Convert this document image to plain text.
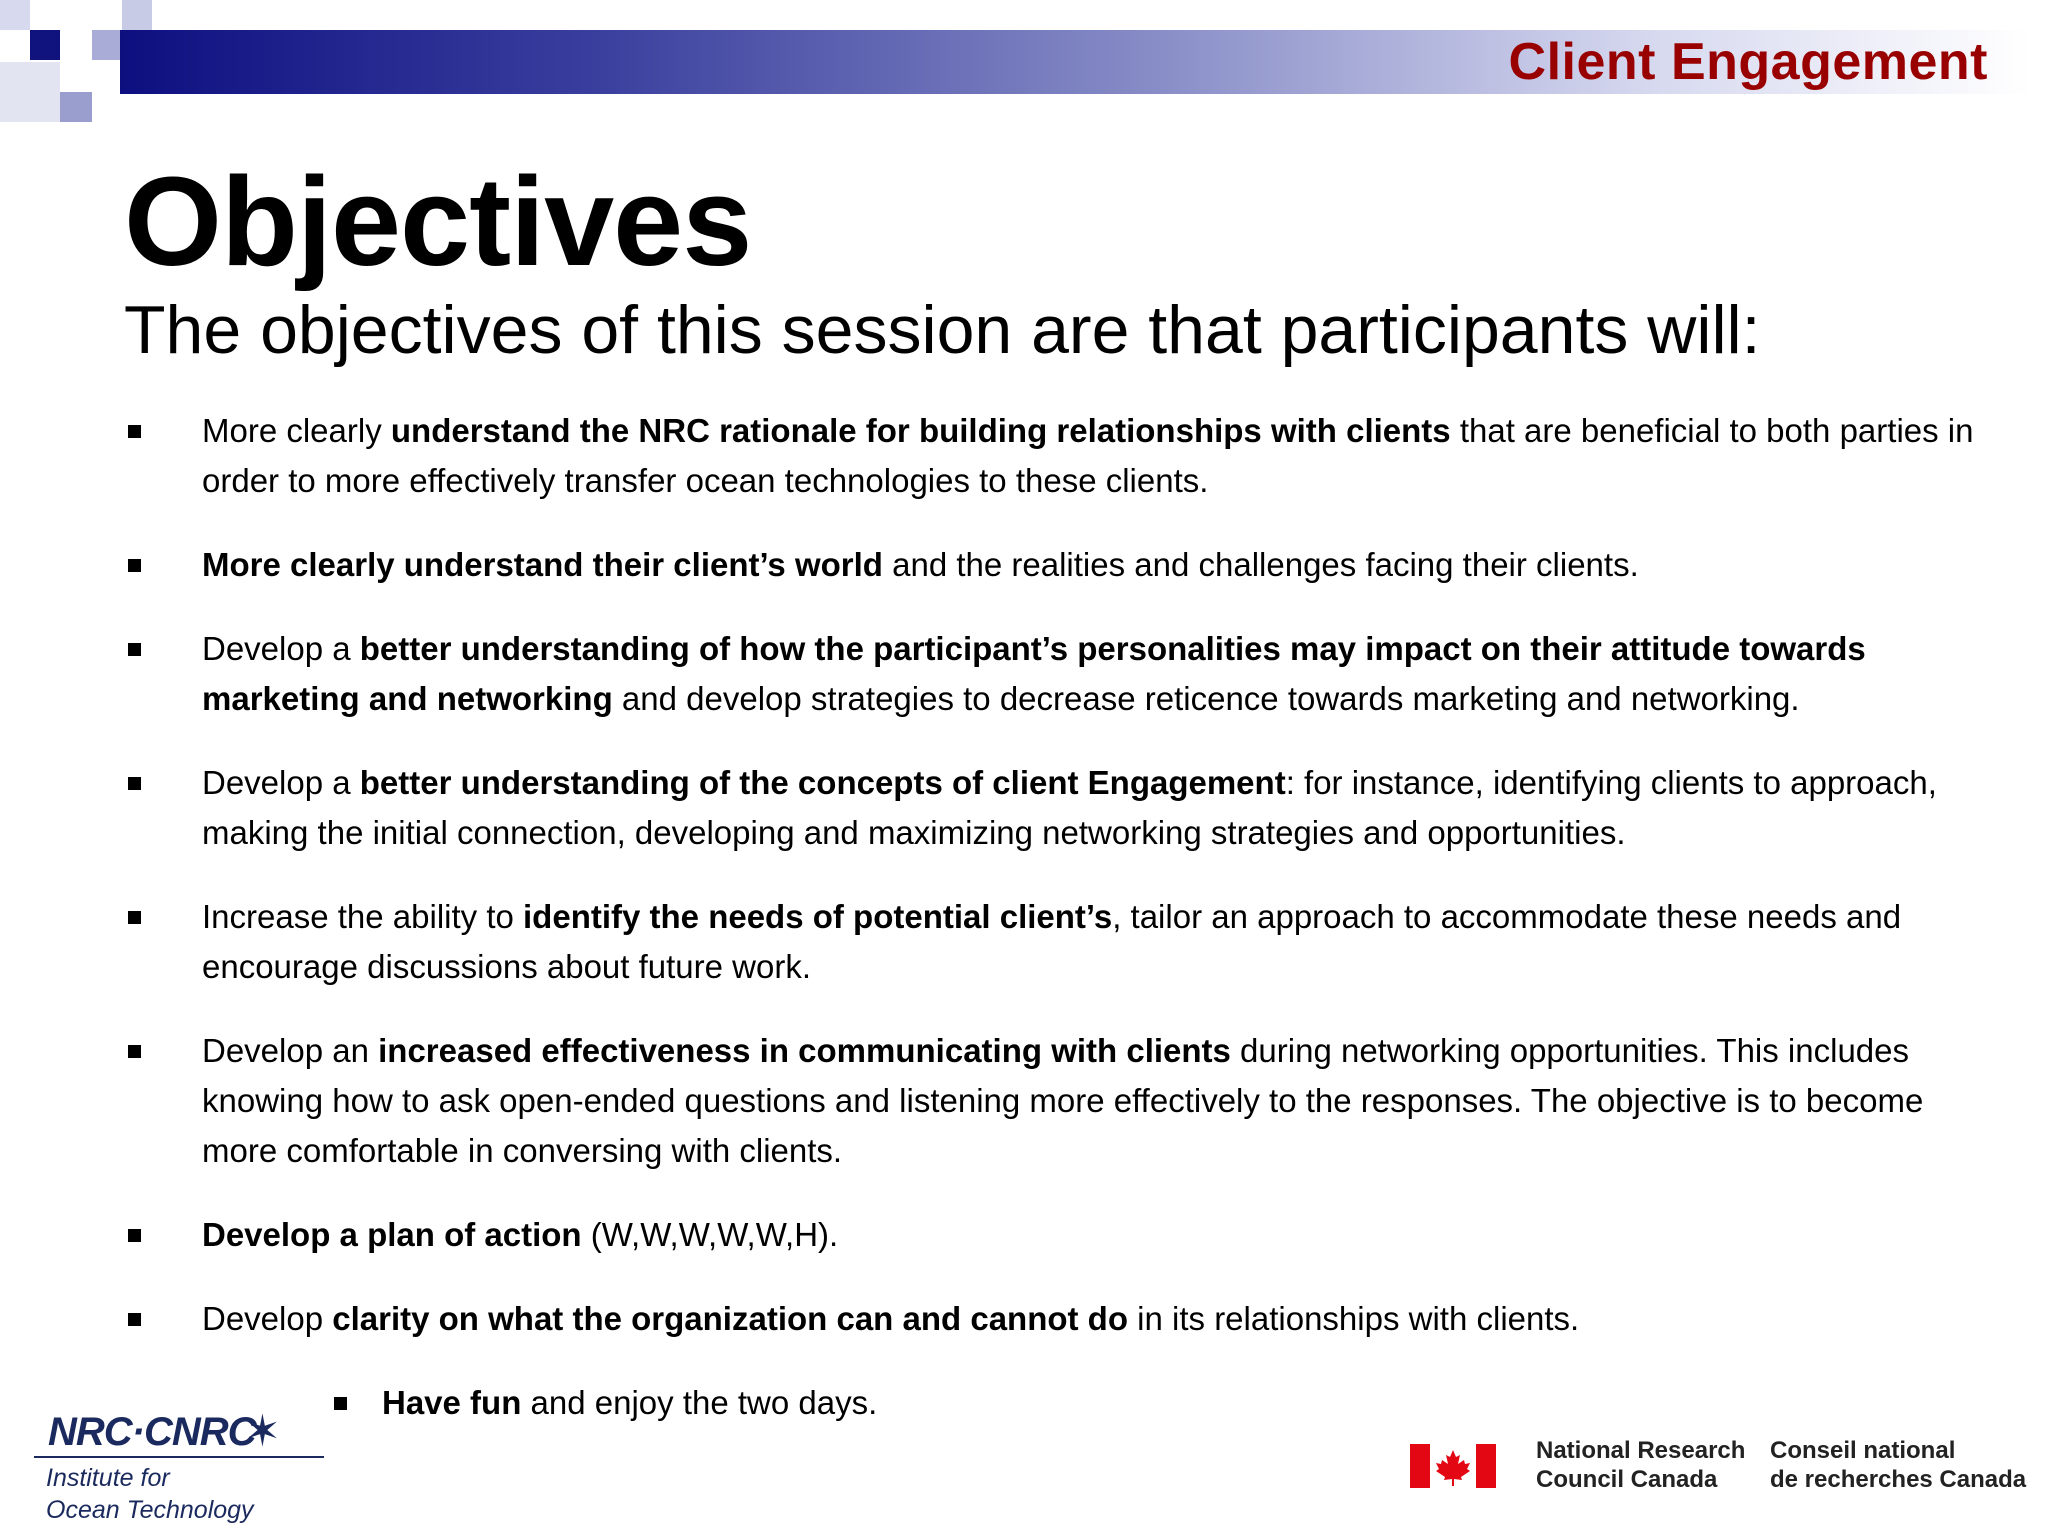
Client Engagement
Objectives
The objectives of this session are that participants will:
More clearly understand the NRC rationale for building relationships with clients that are beneficial to both parties in order to more effectively transfer ocean technologies to these clients.
More clearly understand their client’s world and the realities and challenges facing their clients.
Develop a better understanding of how the participant’s personalities may impact on their attitude towards marketing and networking and develop strategies to decrease reticence towards marketing and networking.
Develop a better understanding of the concepts of client Engagement: for instance, identifying clients to approach, making the initial connection, developing and maximizing networking strategies and opportunities.
Increase the ability to identify the needs of potential client’s, tailor an approach to accommodate these needs and encourage discussions about future work.
Develop an increased effectiveness in communicating with clients during networking opportunities. This includes knowing how to ask open-ended questions and listening more effectively to the responses. The objective is to become more comfortable in conversing with clients.
Develop a plan of action (W,W,W,W,W,H).
Develop clarity on what the organization can and cannot do in its relationships with clients.
Have fun and enjoy the two days.
NRC·CNRC
✶
Institute for
Ocean Technology
National Research
Council Canada
Conseil national
de recherches Canada
